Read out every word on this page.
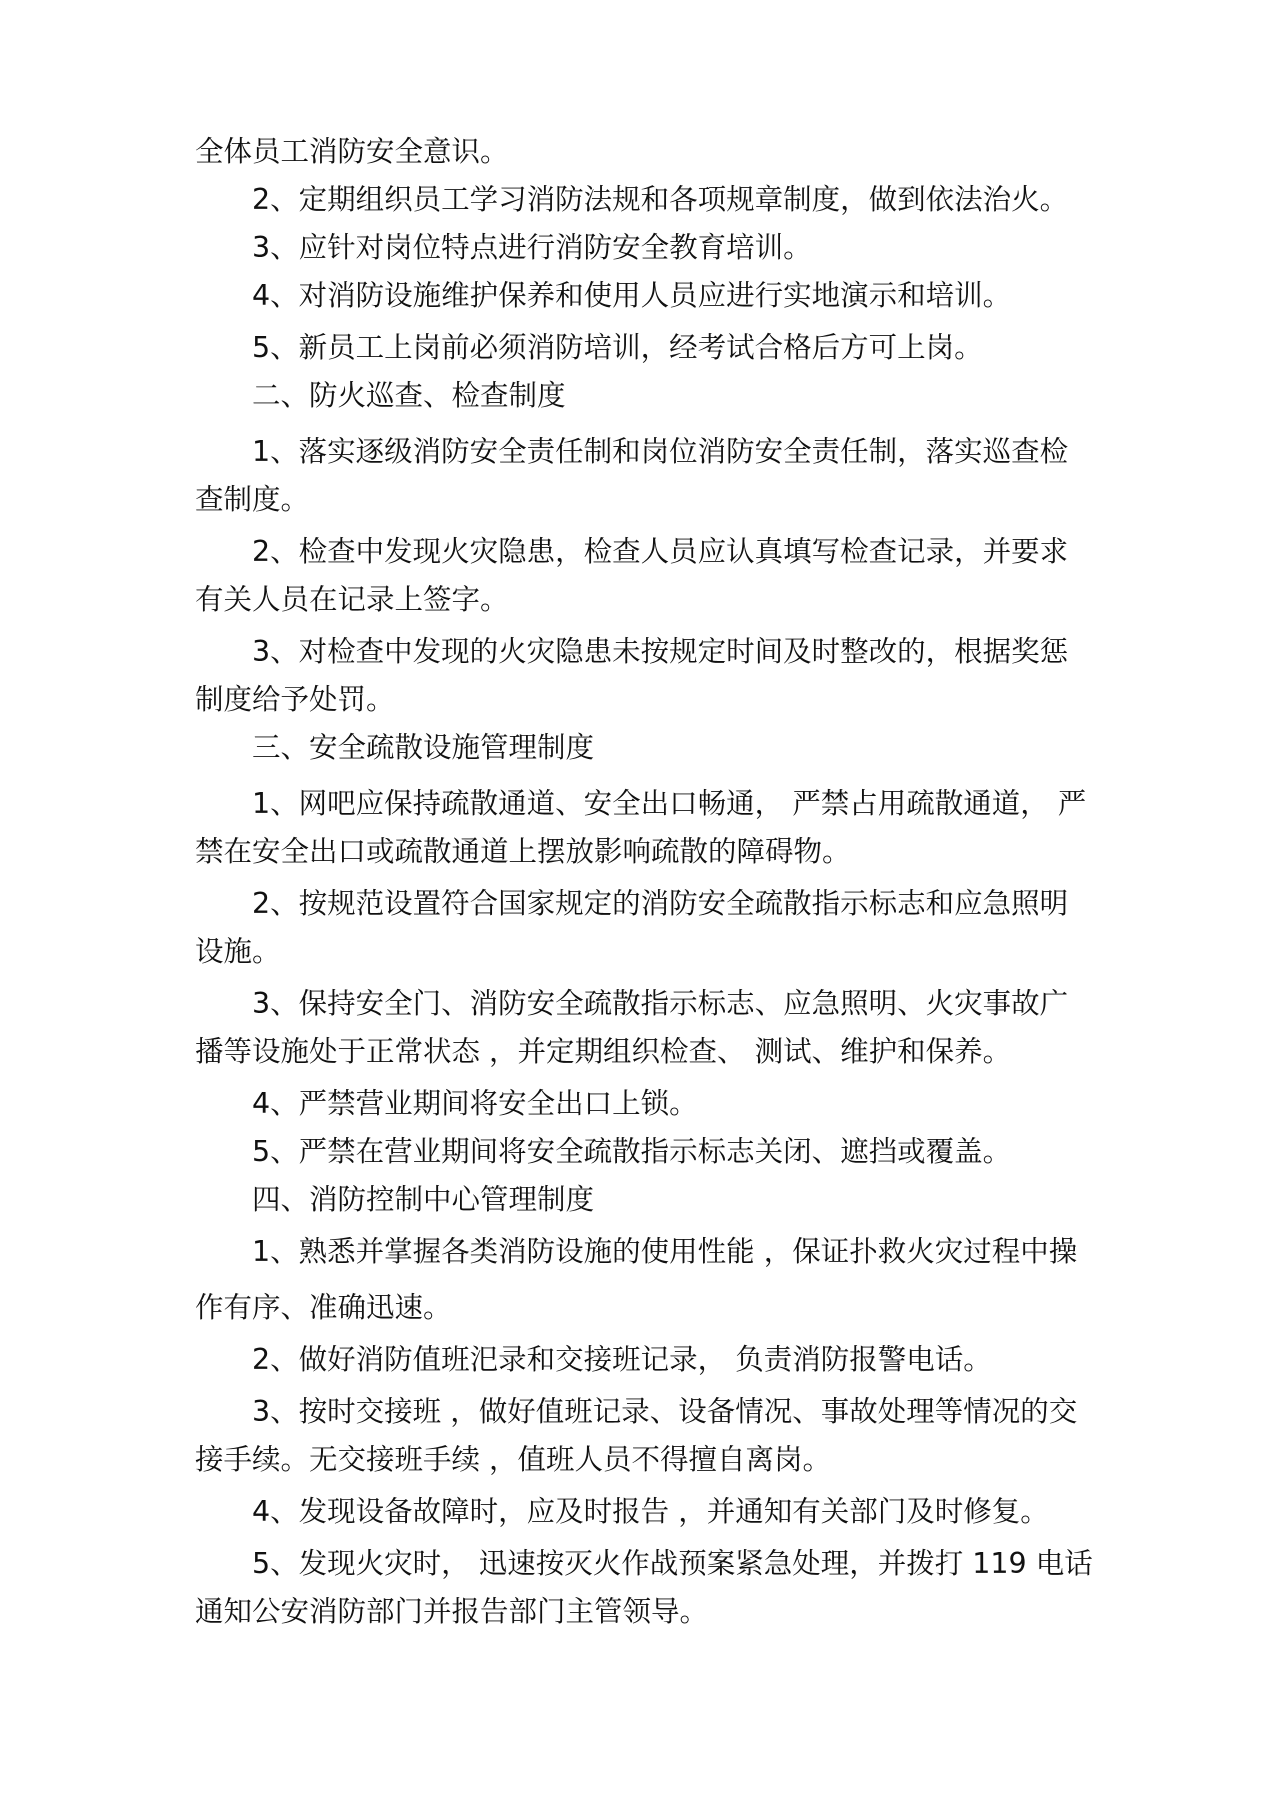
全体员工消防安全意识。
2、定期组织员工学习消防法规和各项规章制度，做到依法治火。
3、应针对岗位特点进行消防安全教育培训。
4、对消防设施维护保养和使用人员应进行实地演示和培训。
5、新员工上岗前必须消防培训，经考试合格后方可上岗。
二、防火巡查、检查制度
1、落实逐级消防安全责任制和岗位消防安全责任制，落实巡查检
查制度。
2、检查中发现火灾隐患，检查人员应认真填写检查记录，并要求
有关人员在记录上签字。
3、对检查中发现的火灾隐患未按规定时间及时整改的，根据奖惩
制度给予处罚。
三、安全疏散设施管理制度
1、网吧应保持疏散通道、安全出口畅通， 严禁占用疏散通道， 严
禁在安全出口或疏散通道上摆放影响疏散的障碍物。
2、按规范设置符合国家规定的消防安全疏散指示标志和应急照明
设施。
3、保持安全门、消防安全疏散指示标志、应急照明、火灾事故广
播等设施处于正常状态 ，并定期组织检查、 测试、维护和保养。
4、严禁营业期间将安全出口上锁。
5、严禁在营业期间将安全疏散指示标志关闭、遮挡或覆盖。
四、消防控制中心管理制度
1、熟悉并掌握各类消防设施的使用性能 ，保证扑救火灾过程中操
作有序、准确迅速。
2、做好消防值班汜录和交接班记录， 负责消防报警电话。
3、按时交接班 ，做好值班记录、设备情况、事故处理等情况的交
接手续。无交接班手续 ，值班人员不得擅自离岗。
4、发现设备故障时，应及时报告 ，并通知有关部门及时修复。
5、发现火灾时， 迅速按灭火作战预案紧急处理，并拨打 119 电话
通知公安消防部门并报告部门主管领导。
